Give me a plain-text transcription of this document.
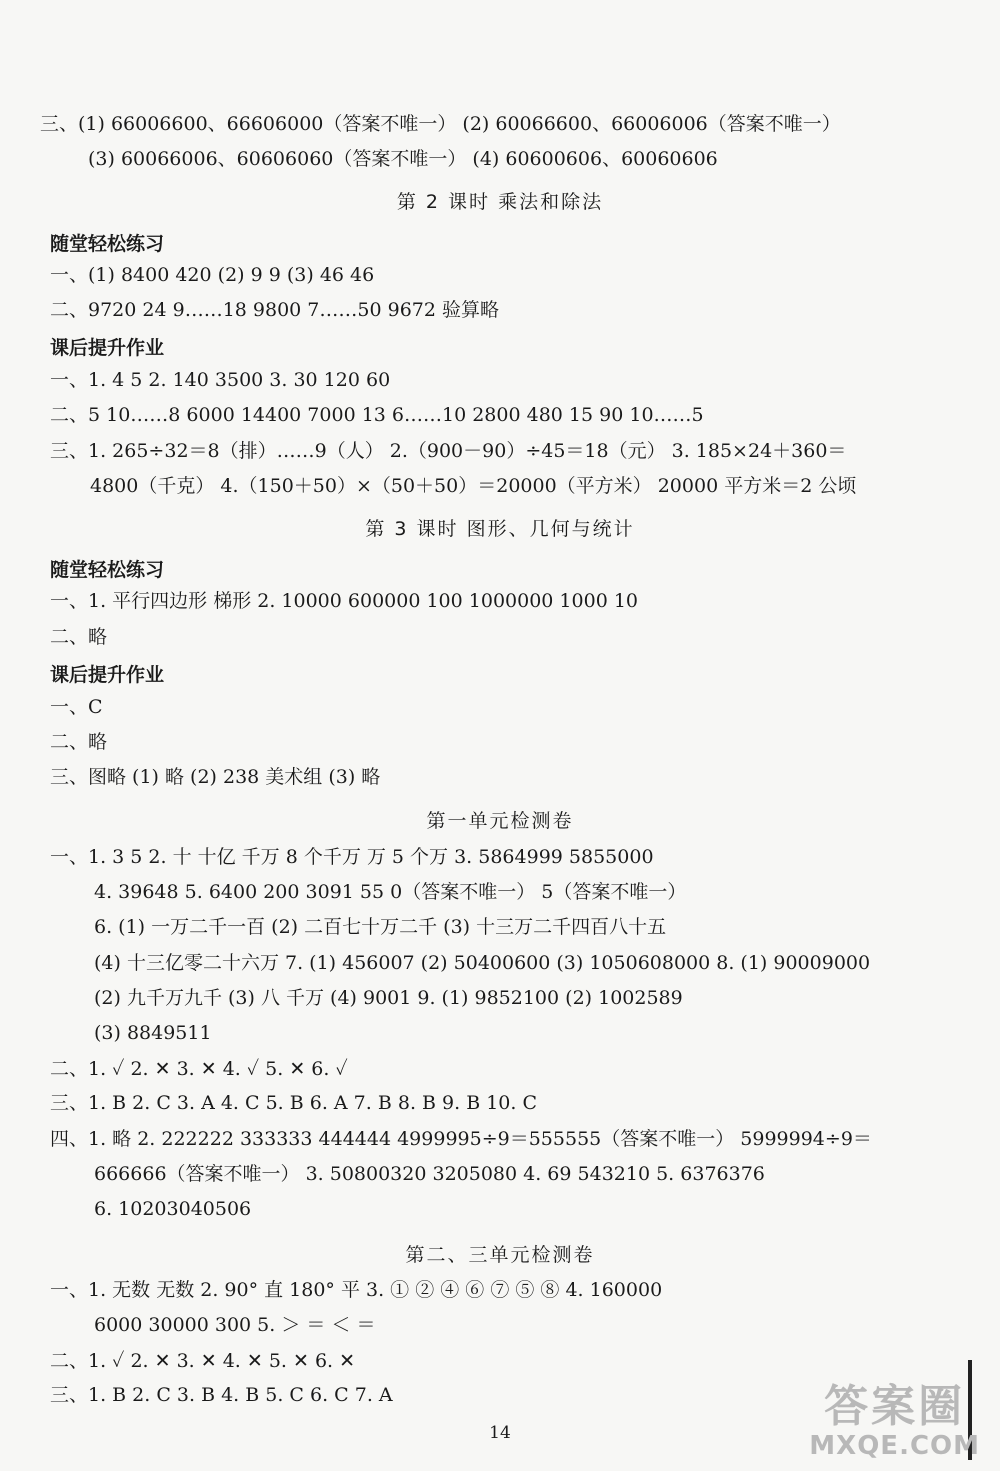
三、(1) 66006600、66606000（答案不唯一） (2) 60066600、66006006（答案不唯一）
(3) 60066006、60606060（答案不唯一） (4) 60600606、60060606
第 2 课时 乘法和除法
随堂轻松练习
一、(1) 8400 420 (2) 9 9 (3) 46 46
二、9720 24 9……18 9800 7……50 9672 验算略
课后提升作业
一、1. 4 5 2. 140 3500 3. 30 120 60
二、5 10……8 6000 14400 7000 13 6……10 2800 480 15 90 10……5
三、1. 265÷32＝8（排）……9（人） 2.（900－90）÷45＝18（元） 3. 185×24＋360＝
4800（千克） 4.（150＋50）×（50＋50）＝20000（平方米） 20000 平方米＝2 公顷
第 3 课时 图形、几何与统计
随堂轻松练习
一、1. 平行四边形 梯形 2. 10000 600000 100 1000000 1000 10
二、略
课后提升作业
一、C
二、略
三、图略 (1) 略 (2) 238 美术组 (3) 略
第一单元检测卷
一、1. 3 5 2. 十 十亿 千万 8 个千万 万 5 个万 3. 5864999 5855000
4. 39648 5. 6400 200 3091 55 0（答案不唯一） 5（答案不唯一）
6. (1) 一万二千一百 (2) 二百七十万二千 (3) 十三万二千四百八十五
(4) 十三亿零二十六万 7. (1) 456007 (2) 50400600 (3) 1050608000 8. (1) 90009000
(2) 九千万九千 (3) 八 千万 (4) 9001 9. (1) 9852100 (2) 1002589
(3) 8849511
二、1. ✓ 2. ✕ 3. ✕ 4. ✓ 5. ✕ 6. ✓
三、1. B 2. C 3. A 4. C 5. B 6. A 7. B 8. B 9. B 10. C
四、1. 略 2. 222222 333333 444444 4999995÷9＝555555（答案不唯一） 5999994÷9＝
666666（答案不唯一） 3. 50800320 3205080 4. 69 543210 5. 6376376
6. 10203040506
第二、三单元检测卷
一、1. 无数 无数 2. 90° 直 180° 平 3. ① ② ④ ⑥ ⑦ ⑤ ⑧ 4. 160000
6000 30000 300 5. ＞ ＝ ＜ ＝
二、1. ✓ 2. ✕ 3. ✕ 4. ✕ 5. ✕ 6. ✕
三、1. B 2. C 3. B 4. B 5. C 6. C 7. A
14
答案圈
MXQE.COM
